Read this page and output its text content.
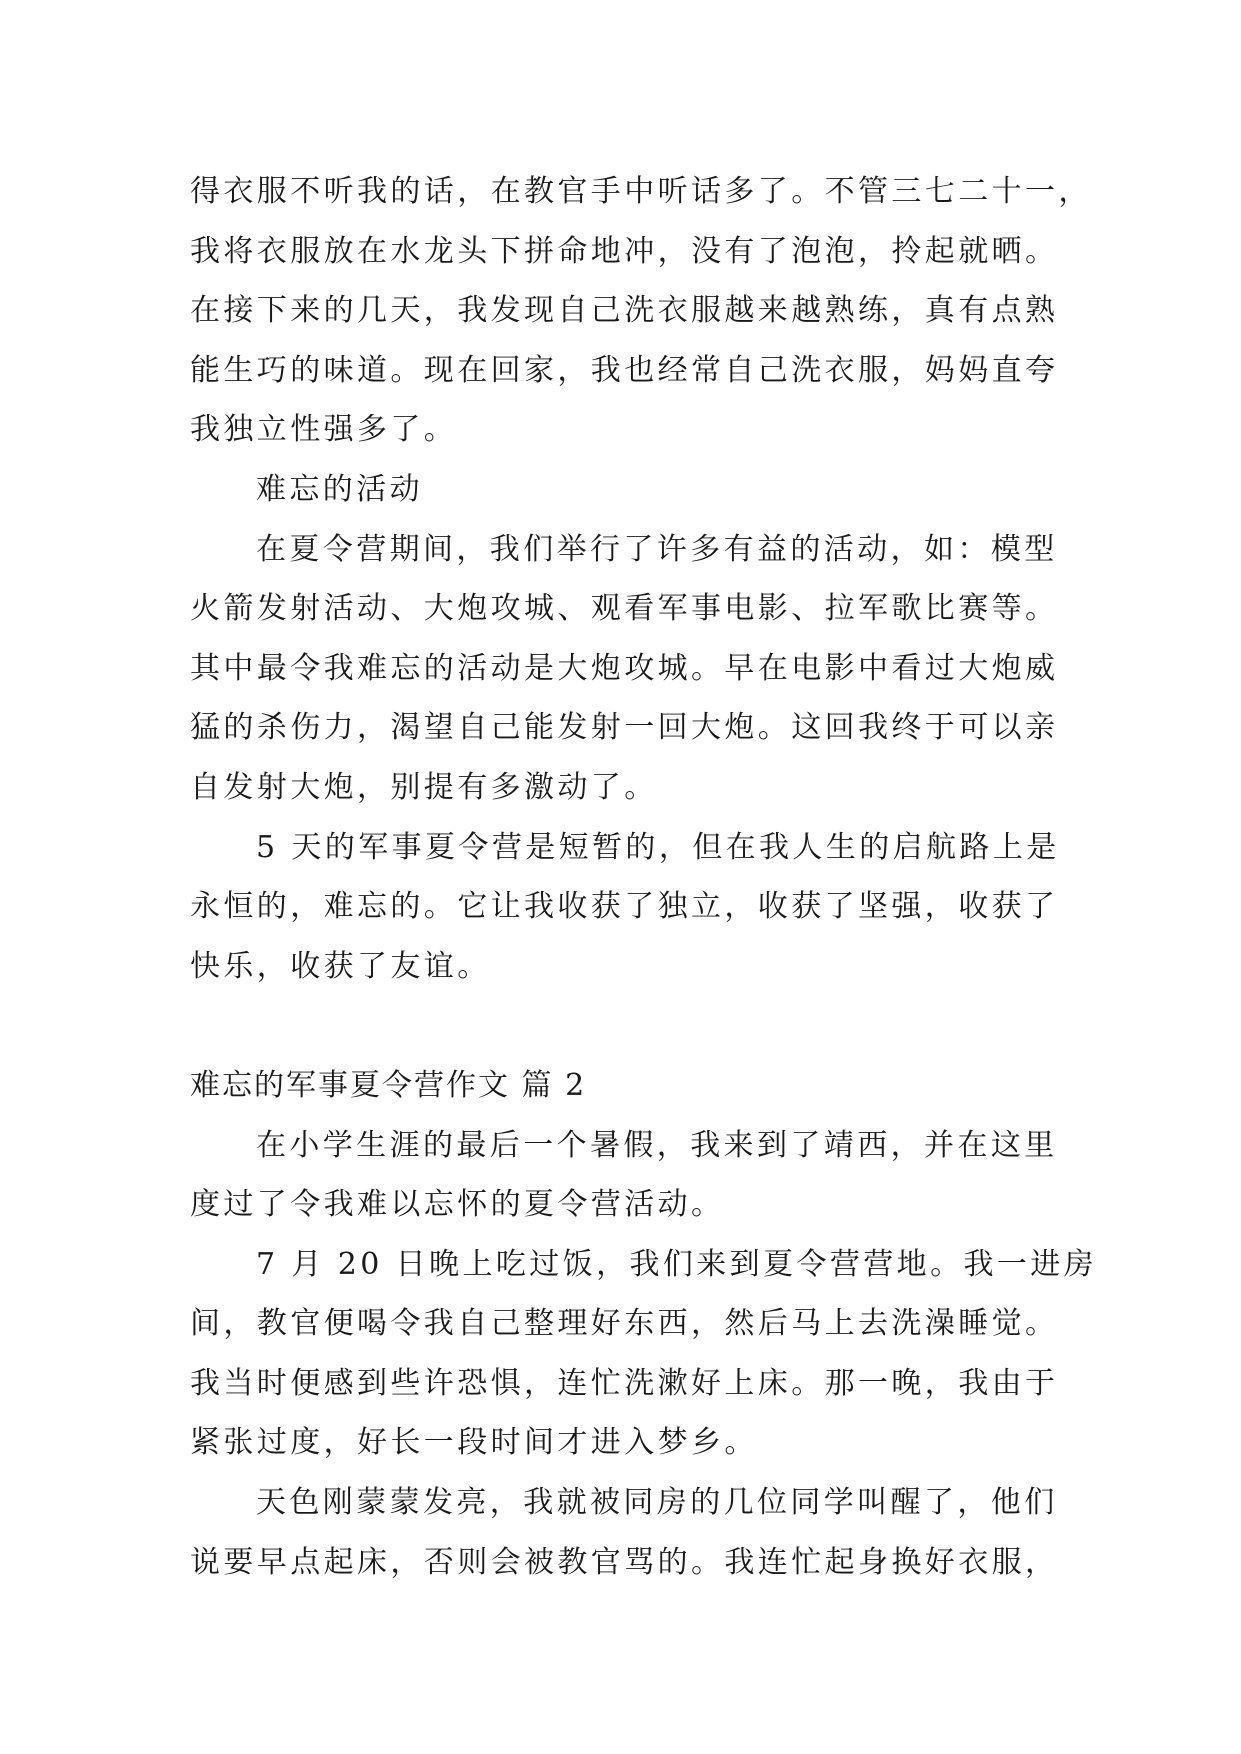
得衣服不听我的话，在教官手中听话多了。不管三七二十一，
我将衣服放在水龙头下拼命地冲，没有了泡泡，拎起就晒。
在接下来的几天，我发现自己洗衣服越来越熟练，真有点熟
能生巧的味道。现在回家，我也经常自己洗衣服，妈妈直夸
我独立性强多了。
难忘的活动
在夏令营期间，我们举行了许多有益的活动，如：模型
火箭发射活动、大炮攻城、观看军事电影、拉军歌比赛等。
其中最令我难忘的活动是大炮攻城。早在电影中看过大炮威
猛的杀伤力，渴望自己能发射一回大炮。这回我终于可以亲
自发射大炮，别提有多激动了。
5 天的军事夏令营是短暂的，但在我人生的启航路上是
永恒的，难忘的。它让我收获了独立，收获了坚强，收获了
快乐，收获了友谊。
难忘的军事夏令营作文 篇 2
在小学生涯的最后一个暑假，我来到了靖西，并在这里
度过了令我难以忘怀的夏令营活动。
7 月 20 日晚上吃过饭，我们来到夏令营营地。我一进房
间，教官便喝令我自己整理好东西，然后马上去洗澡睡觉。
我当时便感到些许恐惧，连忙洗漱好上床。那一晚，我由于
紧张过度，好长一段时间才进入梦乡。
天色刚蒙蒙发亮，我就被同房的几位同学叫醒了，他们
说要早点起床，否则会被教官骂的。我连忙起身换好衣服，
